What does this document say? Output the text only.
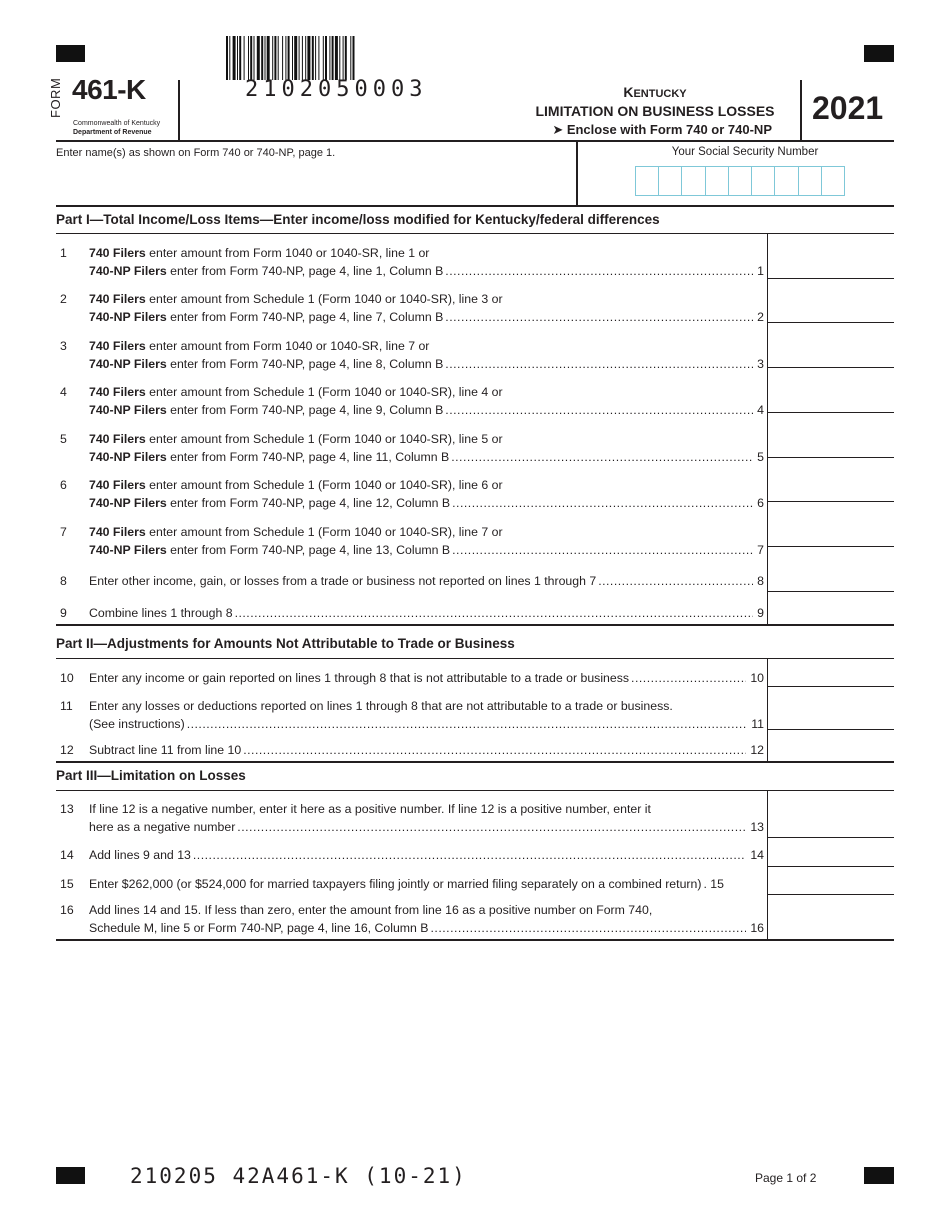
FORM 461-K
Commonwealth of Kentucky
Department of Revenue
2102050003	KENTUCKY
LIMITATION ON BUSINESS LOSSES
➤ Enclose with Form 740 or 740-NP
2021
Enter name(s) as shown on Form 740 or 740-NP, page 1.	Your Social Security Number
Part I—Total Income/Loss Items—Enter income/loss modified for Kentucky/federal differences
1 740 Filers enter amount from Form 1040 or 1040-SR, line 1 or
740-NP Filers enter from Form 740-NP, page 4, line 1, Column B .....	1
2 740 Filers enter amount from Schedule 1 (Form 1040 or 1040-SR), line 3 or
740-NP Filers enter from Form 740-NP, page 4, line 7, Column B .....	2
3 740 Filers enter amount from Form 1040 or 1040-SR, line 7 or
740-NP Filers enter from Form 740-NP, page 4, line 8, Column B .....	3
4 740 Filers enter amount from Schedule 1 (Form 1040 or 1040-SR), line 4 or
740-NP Filers enter from Form 740-NP, page 4, line 9, Column B .....	4
5 740 Filers enter amount from Schedule 1 (Form 1040 or 1040-SR), line 5 or
740-NP Filers enter from Form 740-NP, page 4, line 11, Column B .....	5
6 740 Filers enter amount from Schedule 1 (Form 1040 or 1040-SR), line 6 or
740-NP Filers enter from Form 740-NP, page 4, line 12, Column B .....	6
7 740 Filers enter amount from Schedule 1 (Form 1040 or 1040-SR), line 7 or
740-NP Filers enter from Form 740-NP, page 4, line 13, Column B .....	7
8 Enter other income, gain, or losses from a trade or business not reported on lines 1 through 7 .....	8
9 Combine lines 1 through 8 .....	9
Part II—Adjustments for Amounts Not Attributable to Trade or Business
10 Enter any income or gain reported on lines 1 through 8 that is not attributable to a trade or business .....	10
11 Enter any losses or deductions reported on lines 1 through 8 that are not attributable to a trade or business.
(See instructions) .....	11
12 Subtract line 11 from line 10 .....	12
Part III—Limitation on Losses
13 If line 12 is a negative number, enter it here as a positive number. If line 12 is a positive number, enter it
here as a negative number .....	13
14 Add lines 9 and 13 .....	14
15 Enter $262,000 (or $524,000 for married taxpayers filing jointly or married filing separately on a combined return) . 15
16 Add lines 14 and 15. If less than zero, enter the amount from line 16 as a positive number on Form 740,
Schedule M, line 5 or Form 740-NP, page 4, line 16, Column B .....	16
210205 42A461-K (10-21)	Page 1 of 2
